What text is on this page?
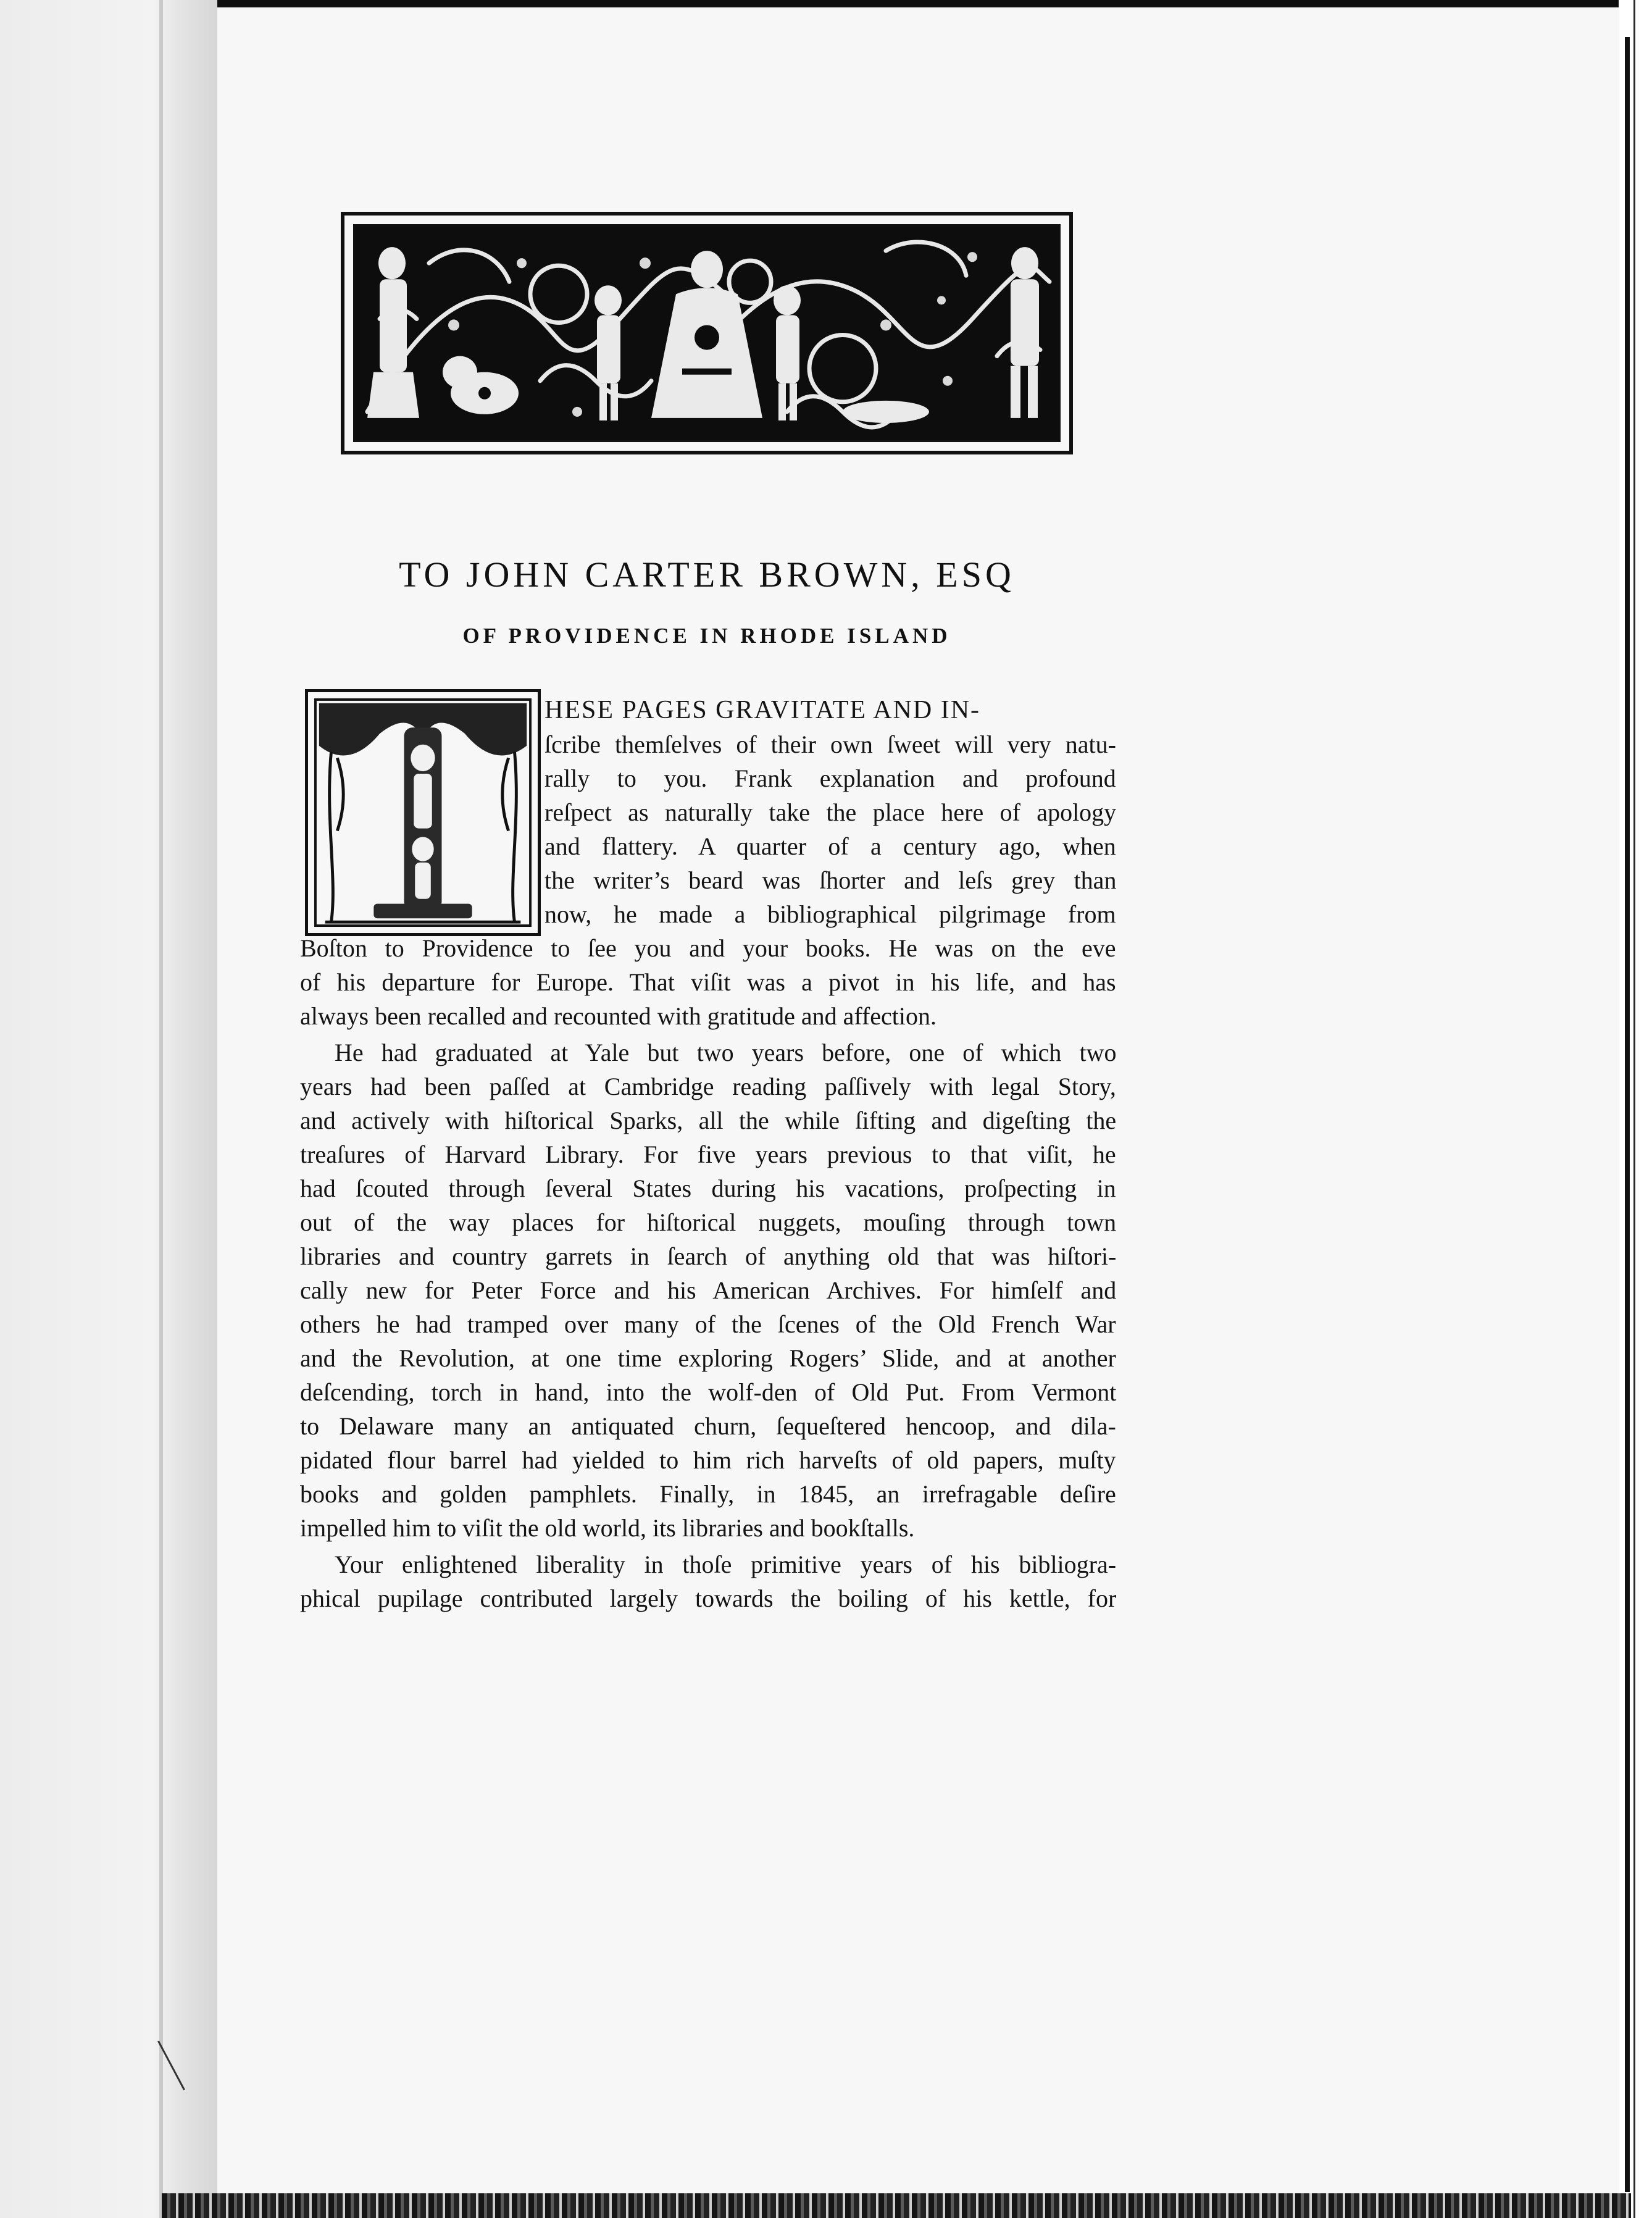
TO JOHN CARTER BROWN, ESQ
OF PROVIDENCE IN RHODE ISLAND
T
HESE PAGES GRAVITATE AND IN-
ſcribe themſelves of their own ſweet will very natu-
rally to you. Frank explanation and profound
reſpect as naturally take the place here of apology
and flattery. A quarter of a century ago, when
the writer’s beard was ſhorter and leſs grey than
now, he made a bibliographical pilgrimage from
Boſton to Providence to ſee you and your books. He was on the eve
of his departure for Europe. That viſit was a pivot in his life, and has
always been recalled and recounted with gratitude and affection.
He had graduated at Yale but two years before, one of which two
years had been paſſed at Cambridge reading paſſively with legal Story,
and actively with hiſtorical Sparks, all the while ſifting and digeſting the
treaſures of Harvard Library. For five years previous to that viſit, he
had ſcouted through ſeveral States during his vacations, proſpecting in
out of the way places for hiſtorical nuggets, mouſing through town
libraries and country garrets in ſearch of anything old that was hiſtori-
cally new for Peter Force and his American Archives. For himſelf and
others he had tramped over many of the ſcenes of the Old French War
and the Revolution, at one time exploring Rogers’ Slide, and at another
deſcending, torch in hand, into the wolf-den of Old Put. From Vermont
to Delaware many an antiquated churn, ſequeſtered hencoop, and dila-
pidated flour barrel had yielded to him rich harveſts of old papers, muſty
books and golden pamphlets. Finally, in 1845, an irrefragable deſire
impelled him to viſit the old world, its libraries and bookſtalls.
Your enlightened liberality in thoſe primitive years of his bibliogra-
phical pupilage contributed largely towards the boiling of his kettle, for
